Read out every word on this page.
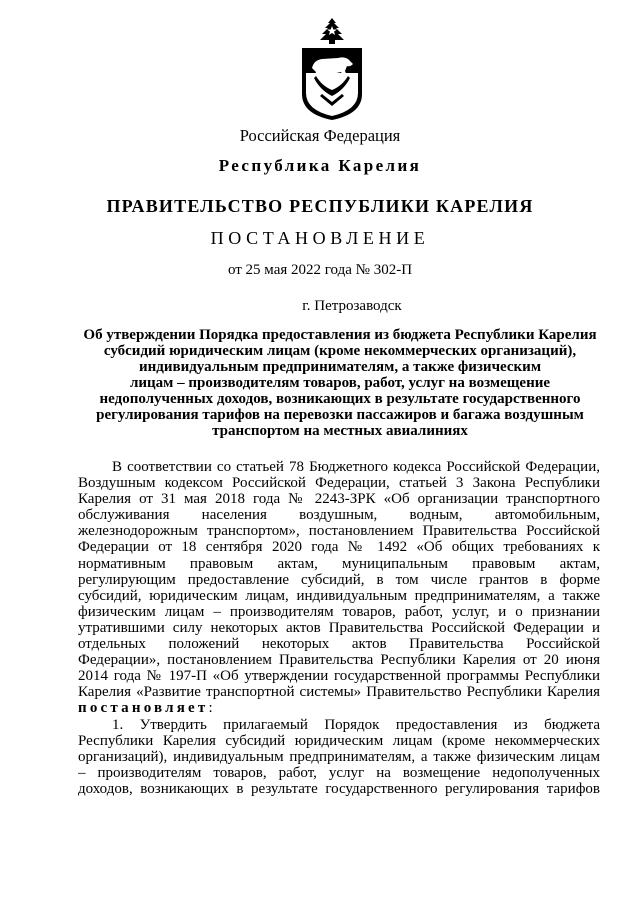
Российская Федерация
Республика Карелия
ПРАВИТЕЛЬСТВО РЕСПУБЛИКИ КАРЕЛИЯ
ПОСТАНОВЛЕНИЕ
от 25 мая 2022 года № 302-П
г. Петрозаводск
Об утверждении Порядка предоставления из бюджета Республики Карелия
субсидий юридическим лицам (кроме некоммерческих организаций),
индивидуальным предпринимателям, а также физическим
лицам – производителям товаров, работ, услуг на возмещение
недополученных доходов, возникающих в результате государственного
регулирования тарифов на перевозки пассажиров и багажа воздушным
транспортом на местных авиалиниях
В соответствии со статьей 78 Бюджетного кодекса Российской Федерации,
Воздушным кодексом Российской Федерации, статьей 3 Закона Республики
Карелия от 31 мая 2018 года № 2243-ЗРК «Об организации транспортного
обслуживания населения воздушным, водным, автомобильным,
железнодорожным транспортом», постановлением Правительства Российской
Федерации от 18 сентября 2020 года № 1492 «Об общих требованиях к
нормативным правовым актам, муниципальным правовым актам,
регулирующим предоставление субсидий, в том числе грантов в форме
субсидий, юридическим лицам, индивидуальным предпринимателям, а также
физическим лицам – производителям товаров, работ, услуг, и о признании
утратившими силу некоторых актов Правительства Российской Федерации и
отдельных положений некоторых актов Правительства Российской
Федерации», постановлением Правительства Республики Карелия от 20 июня
2014 года № 197-П «Об утверждении государственной программы Республики
Карелия «Развитие транспортной системы» Правительство Республики Карелия
постановляет:
1. Утвердить прилагаемый Порядок предоставления из бюджета
Республики Карелия субсидий юридическим лицам (кроме некоммерческих
организаций), индивидуальным предпринимателям, а также физическим лицам
– производителям товаров, работ, услуг на возмещение недополученных
доходов, возникающих в результате государственного регулирования тарифов
